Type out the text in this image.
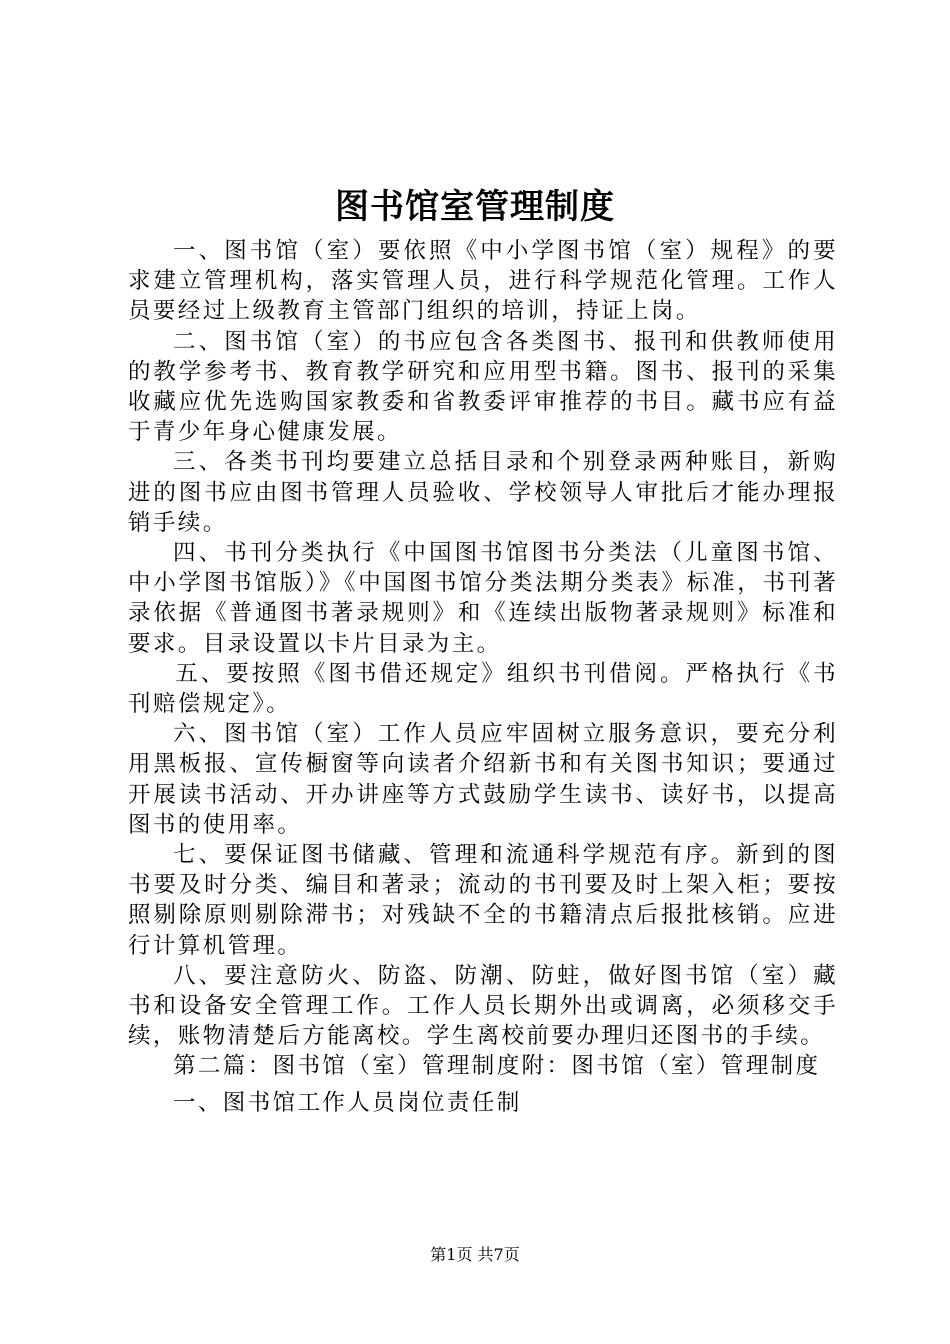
图书馆室管理制度

一、图书馆（室）要依照《中小学图书馆（室）规程》的要求建立管理机构，落实管理人员，进行科学规范化管理。工作人员要经过上级教育主管部门组织的培训，持证上岗。

二、图书馆（室）的书应包含各类图书、报刊和供教师使用的教学参考书、教育教学研究和应用型书籍。图书、报刊的采集收藏应优先选购国家教委和省教委评审推荐的书目。藏书应有益于青少年身心健康发展。

三、各类书刊均要建立总括目录和个别登录两种账目，新购进的图书应由图书管理人员验收、学校领导人审批后才能办理报销手续。

四、书刊分类执行《中国图书馆图书分类法（儿童图书馆、中小学图书馆版）》《中国图书馆分类法期分类表》标准，书刊著录依据《普通图书著录规则》和《连续出版物著录规则》标准和要求。目录设置以卡片目录为主。

五、要按照《图书借还规定》组织书刊借阅。严格执行《书刊赔偿规定》。

六、图书馆（室）工作人员应牢固树立服务意识，要充分利用黑板报、宣传橱窗等向读者介绍新书和有关图书知识；要通过开展读书活动、开办讲座等方式鼓励学生读书、读好书，以提高图书的使用率。

七、要保证图书储藏、管理和流通科学规范有序。新到的图书要及时分类、编目和著录；流动的书刊要及时上架入柜；要按照剔除原则剔除滞书；对残缺不全的书籍清点后报批核销。应进行计算机管理。

八、要注意防火、防盗、防潮、防蛀，做好图书馆（室）藏书和设备安全管理工作。工作人员长期外出或调离，必须移交手续，账物清楚后方能离校。学生离校前要办理归还图书的手续。

第二篇：图书馆（室）管理制度附：图书馆（室）管理制度

一、图书馆工作人员岗位责任制

第1页 共7页
